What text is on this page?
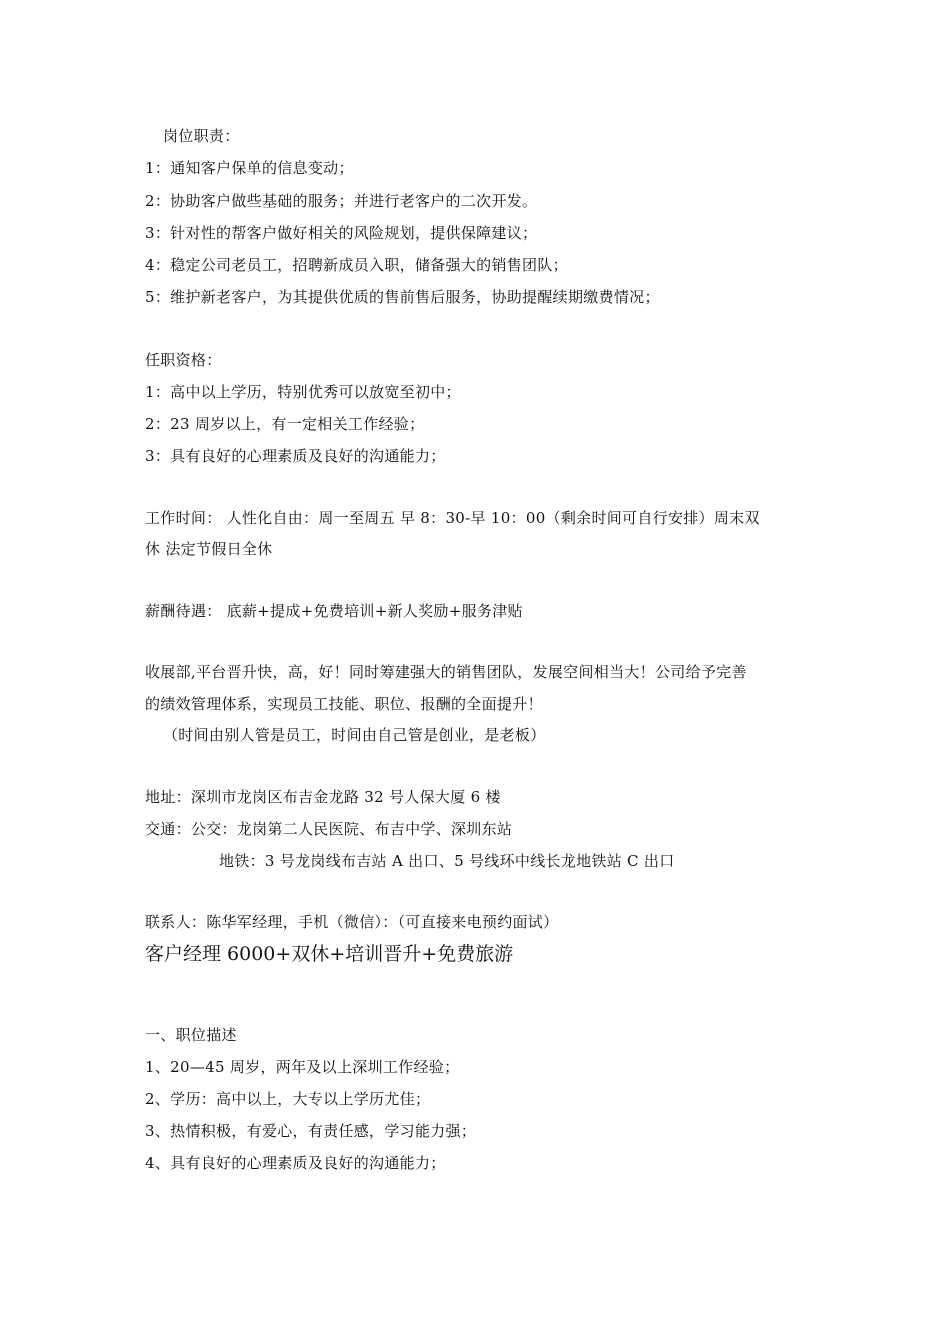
岗位职责：
1：通知客户保单的信息变动；
2：协助客户做些基础的服务；并进行老客户的二次开发。
3：针对性的帮客户做好相关的风险规划，提供保障建议；
4：稳定公司老员工，招聘新成员入职，储备强大的销售团队；
5：维护新老客户，为其提供优质的售前售后服务，协助提醒续期缴费情况；
任职资格：
1：高中以上学历，特别优秀可以放宽至初中；
2：23 周岁以上，有一定相关工作经验；
3：具有良好的心理素质及良好的沟通能力；
工作时间： 人性化自由：周一至周五 早 8：30-早 10：00（剩余时间可自行安排）周末双
休 法定节假日全休
薪酬待遇： 底薪+提成+免费培训+新人奖励+服务津贴
收展部,平台晋升快，高，好！同时筹建强大的销售团队，发展空间相当大！公司给予完善
的绩效管理体系，实现员工技能、职位、报酬的全面提升！
（时间由别人管是员工，时间由自己管是创业，是老板）
地址：深圳市龙岗区布吉金龙路 32 号人保大厦 6 楼
交通：公交：龙岗第二人民医院、布吉中学、深圳东站
地铁：3 号龙岗线布吉站 A 出口、5 号线环中线长龙地铁站 C 出口
联系人：陈华军经理，手机（微信）：（可直接来电预约面试）
客户经理 6000+双休+培训晋升+免费旅游
一、职位描述
1、20—45 周岁，两年及以上深圳工作经验；
2、学历：高中以上，大专以上学历尤佳；
3、热情积极，有爱心，有责任感，学习能力强；
4、具有良好的心理素质及良好的沟通能力；
